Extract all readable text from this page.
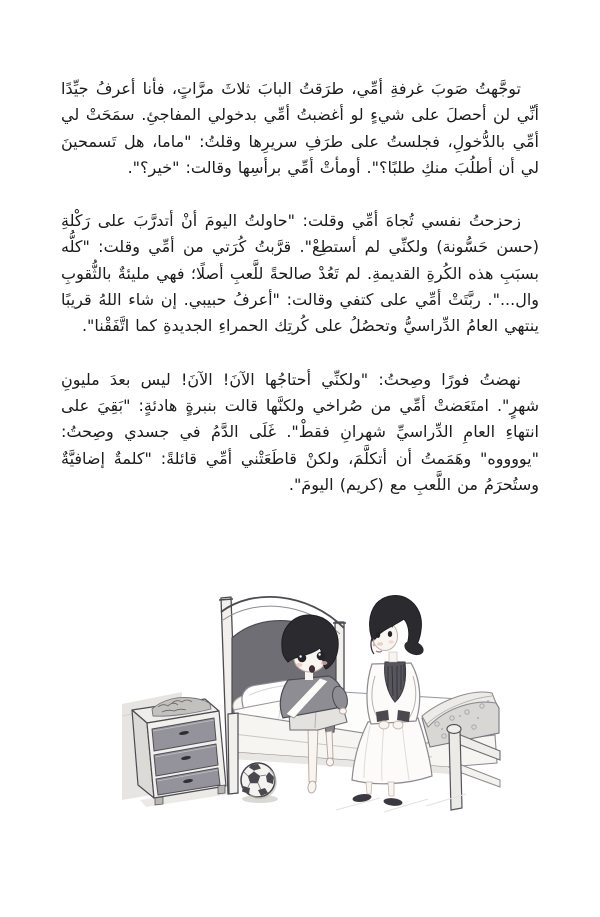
توجَّهتُ صَوبَ غرفةِ أمِّي، طرَقتُ البابَ ثلاثَ مرَّاتٍ، فأنا أعرفُ جيِّدًا أنِّي لن أحصلَ على شيءٍ لو أغضبتُ أمِّي بدخولي المفاجئِ. سمَحَتْ لي أمِّي بالدُّخولِ، فجلستُ على طرَفِ سريرِها وقلتُ: "ماما، هل تَسمحينَ لي أن أطلُبَ منكِ طلبًا؟". أومأتْ أمِّي برأسِها وقالت: "خير؟".

زحزحتُ نفسي تُجاهَ أمِّي وقلت: "حاولتُ اليومَ أنْ أتدرَّبَ على رَكْلةِ (حسن حَسُّونة) ولكنِّي لم أستطِعْ". قرَّبتُ كُرَتي من أمِّي وقلت: "كلُّه بسبَبِ هذه الكُرةِ القديمةِ. لم تَعُدْ صالحةً للَّعبِ أصلًا؛ فهي مليئةٌ بالثُّقوبِ وال...". ربَّتَتْ أمِّي على كتفي وقالت: "أعرفُ حبيبي. إن شاء اللهُ قريبًا ينتهي العامُ الدِّراسيُّ وتحصُلُ على كُرتِك الحمراءِ الجديدةِ كما اتَّفَقْنا".

نهضتُ فورًا وصِحتُ: "ولكنِّي أحتاجُها الآنَ! الآنَ! ليس بعدَ مليونِ شهرٍ". امتَعَضتْ أمِّي من صُراخي ولكنَّها قالت بنبرةٍ هادئةٍ: "بَقِيَ على انتهاءِ العامِ الدِّراسيِّ شهرانِ فقطْ". غَلَى الدَّمُ في جسدي وصِحتُ: "يووووه" وهَمَمتُ أن أتكلَّمَ، ولكنْ قاطَعَتْني أمِّي قائلةً: "كلمةٌ إضافيَّةٌ وستُحرَمُ من اللَّعبِ مع (كريم) اليومَ".
